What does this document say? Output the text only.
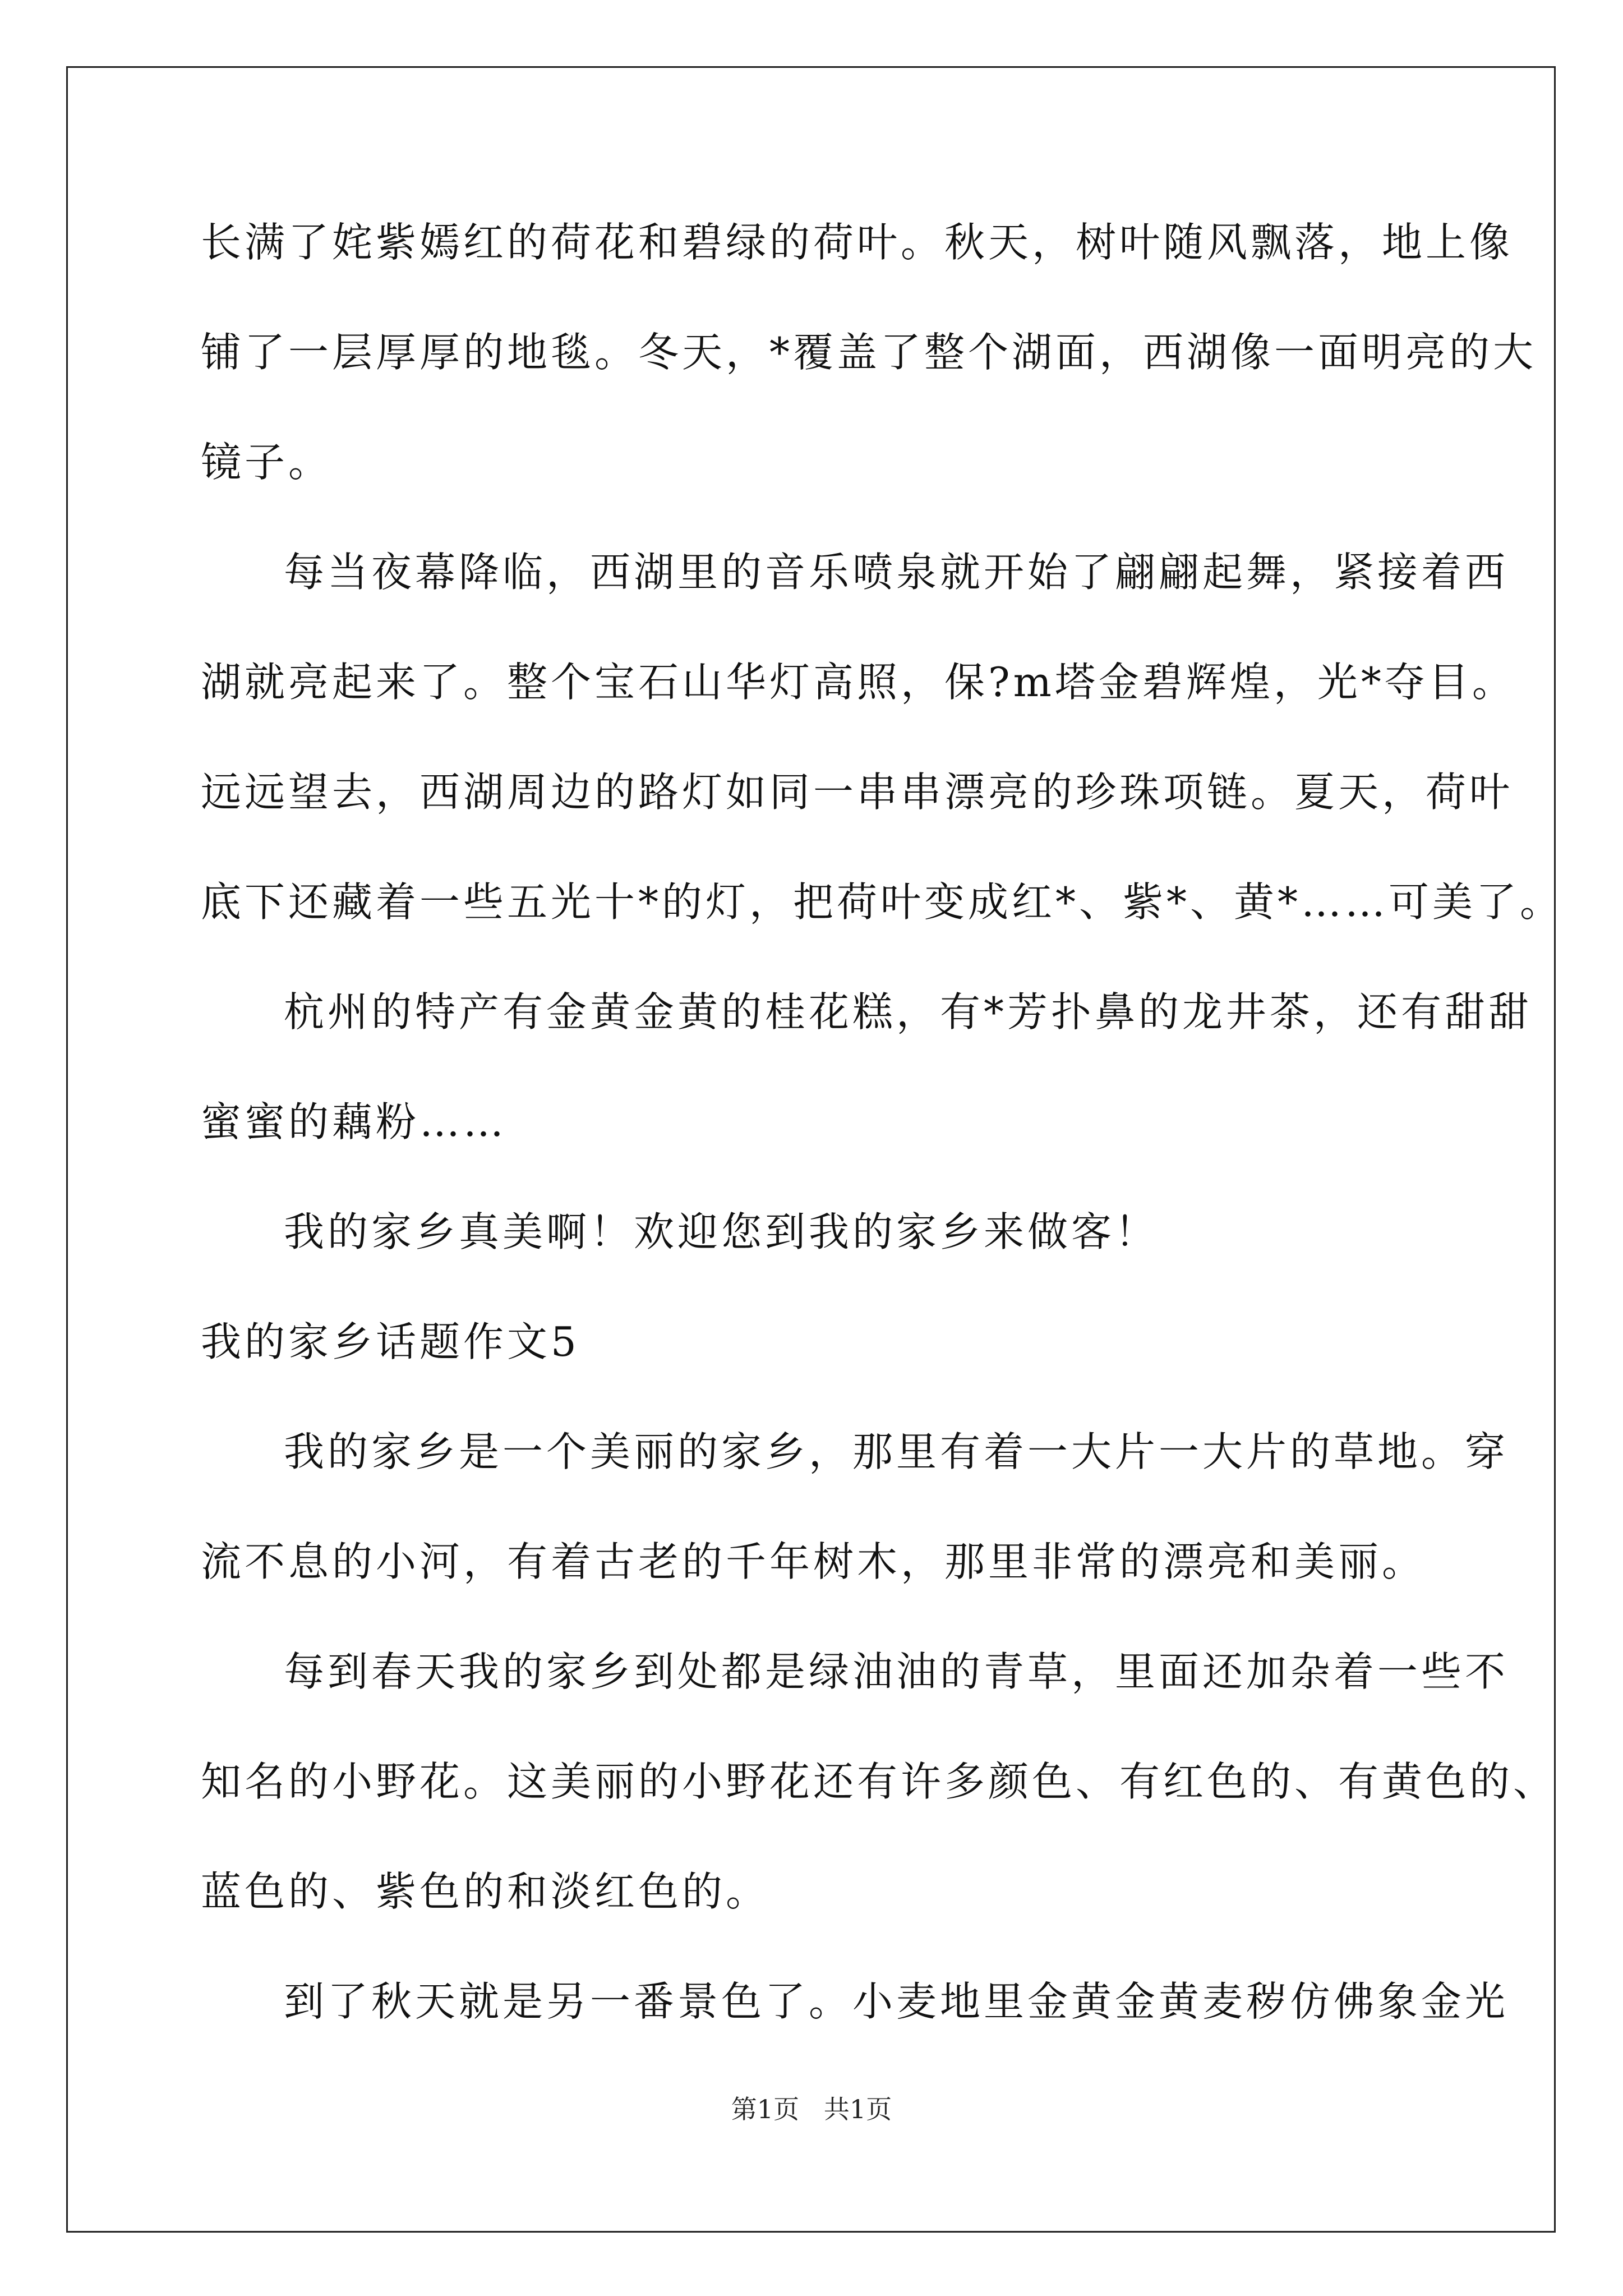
长满了姹紫嫣红的荷花和碧绿的荷叶。秋天，树叶随风飘落，地上像
铺了一层厚厚的地毯。冬天，*覆盖了整个湖面，西湖像一面明亮的大
镜子。
每当夜幕降临，西湖里的音乐喷泉就开始了翩翩起舞，紧接着西
湖就亮起来了。整个宝石山华灯高照，保?m塔金碧辉煌，光*夺目。
远远望去，西湖周边的路灯如同一串串漂亮的珍珠项链。夏天，荷叶
底下还藏着一些五光十*的灯，把荷叶变成红*、紫*、黄*……可美了。
杭州的特产有金黄金黄的桂花糕，有*芳扑鼻的龙井茶，还有甜甜
蜜蜜的藕粉……
我的家乡真美啊！欢迎您到我的家乡来做客！
我的家乡话题作文5
我的家乡是一个美丽的家乡，那里有着一大片一大片的草地。穿
流不息的小河，有着古老的千年树木，那里非常的漂亮和美丽。
每到春天我的家乡到处都是绿油油的青草，里面还加杂着一些不
知名的小野花。这美丽的小野花还有许多颜色、有红色的、有黄色的、
蓝色的、紫色的和淡红色的。
到了秋天就是另一番景色了。小麦地里金黄金黄麦秽仿佛象金光
第1页   共1页
